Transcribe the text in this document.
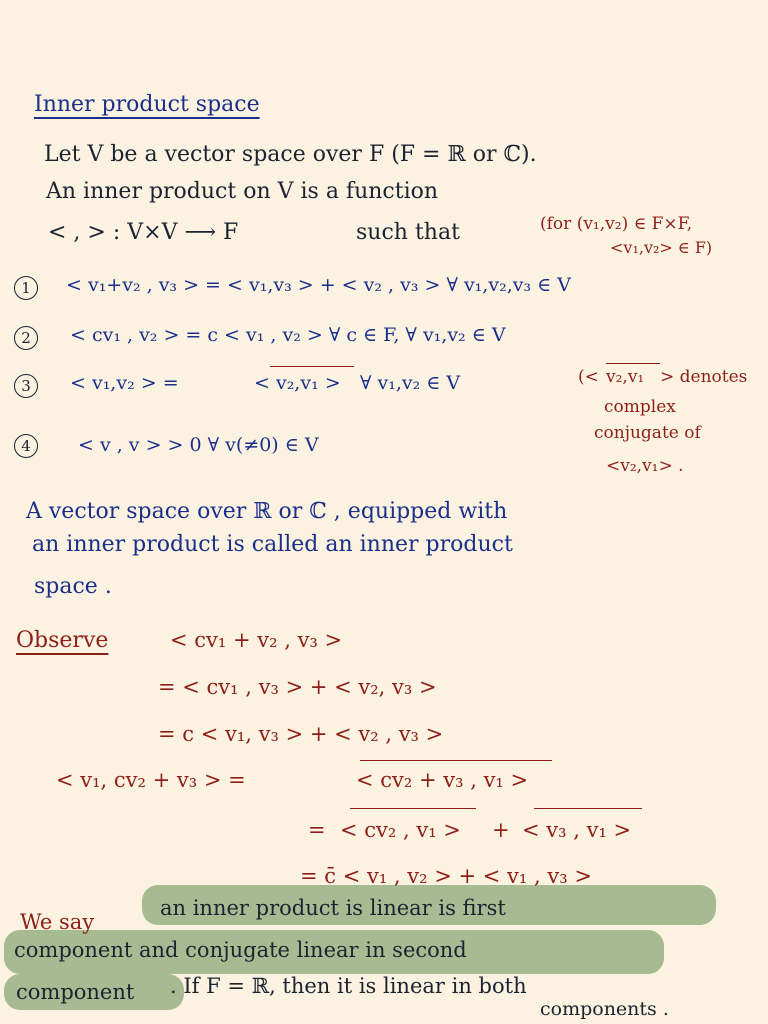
Inner product space
Let V be a vector space over F (F = ℝ or ℂ).
An inner product on V is a function
< , > : V×V ⟶ F	such that	(for (v₁,v₂) ∈ F×F,
<v₁,v₂> ∈ F)
1	< v₁+v₂ , v₃ > = < v₁,v₃ > + < v₂ , v₃ > ∀ v₁,v₂,v₃ ∈ V
2	< cv₁ , v₂ > = c < v₁ , v₂ > ∀ c ∈ F, ∀ v₁,v₂ ∈ V
3	< v₁,v₂ > =	< v₂,v₁ > ∀ v₁,v₂ ∈ V
4	< v , v > > 0 ∀ v(≠0) ∈ V
(< v₂,v₁ > denotes
complex
conjugate of
<v₂,v₁> .
A vector space over ℝ or ℂ , equipped with
an inner product is called an inner product
space .
Observe	< cv₁ + v₂ , v₃ >
= < cv₁ , v₃ > + < v₂, v₃ >
= c < v₁, v₃ > + < v₂ , v₃ >
< v₁, cv₂ + v₃ > =	< cv₂ + v₃ , v₁ >
= < cv₂ , v₁ > + < v₃ , v₁ >
= c̄ < v₁ , v₂ > + < v₁ , v₃ >
We say
an inner product is linear is first
component and conjugate linear in second
component . If F = ℝ, then it is linear in both
components .
